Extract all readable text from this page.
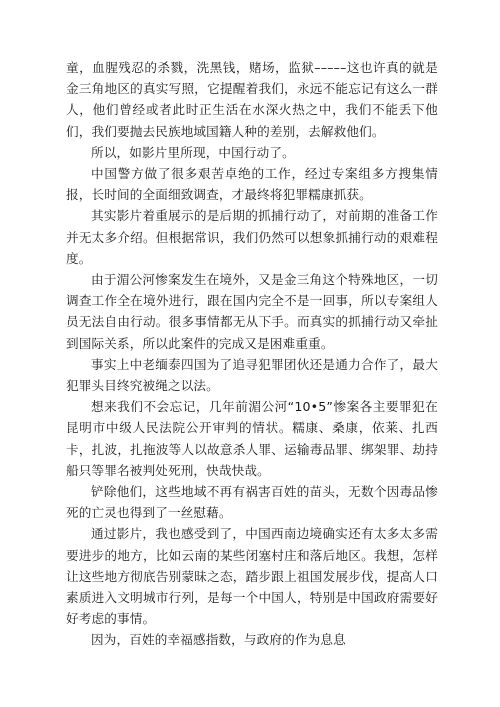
童，血腥残忍的杀戮，洗黑钱，赌场，监狱–––––这也许真的就是金三角地区的真实写照，它提醒着我们，永远不能忘记有这么一群人，他们曾经或者此时正生活在水深火热之中，我们不能丢下他们，我们要抛去民族地域国籍人种的差别，去解救他们。

所以，如影片里所现，中国行动了。

中国警方做了很多艰苦卓绝的工作，经过专案组多方搜集情报，长时间的全面细致调查，才最终将犯罪糯康抓获。

其实影片着重展示的是后期的抓捕行动了，对前期的准备工作并无太多介绍。但根据常识，我们仍然可以想象抓捕行动的艰难程度。

由于湄公河惨案发生在境外，又是金三角这个特殊地区，一切调查工作全在境外进行，跟在国内完全不是一回事，所以专案组人员无法自由行动。很多事情都无从下手。而真实的抓捕行动又牵扯到国际关系，所以此案件的完成又是困难重重。

事实上中老缅泰四国为了追寻犯罪团伙还是通力合作了，最大犯罪头目终究被绳之以法。

想来我们不会忘记，几年前湄公河“10•5”惨案各主要罪犯在昆明市中级人民法院公开审判的情状。糯康、桑康，依莱、扎西卡，扎波，扎拖波等人以故意杀人罪、运输毒品罪、绑架罪、劫持船只等罪名被判处死刑，快哉快哉。

铲除他们，这些地域不再有祸害百姓的苗头，无数个因毒品惨死的亡灵也得到了一丝慰藉。

通过影片，我也感受到了，中国西南边境确实还有太多太多需要进步的地方，比如云南的某些闭塞村庄和落后地区。我想，怎样让这些地方彻底告别蒙昧之态，踏步跟上祖国发展步伐，提高人口素质进入文明城市行列，是每一个中国人，特别是中国政府需要好好考虑的事情。

因为，百姓的幸福感指数，与政府的作为息息
